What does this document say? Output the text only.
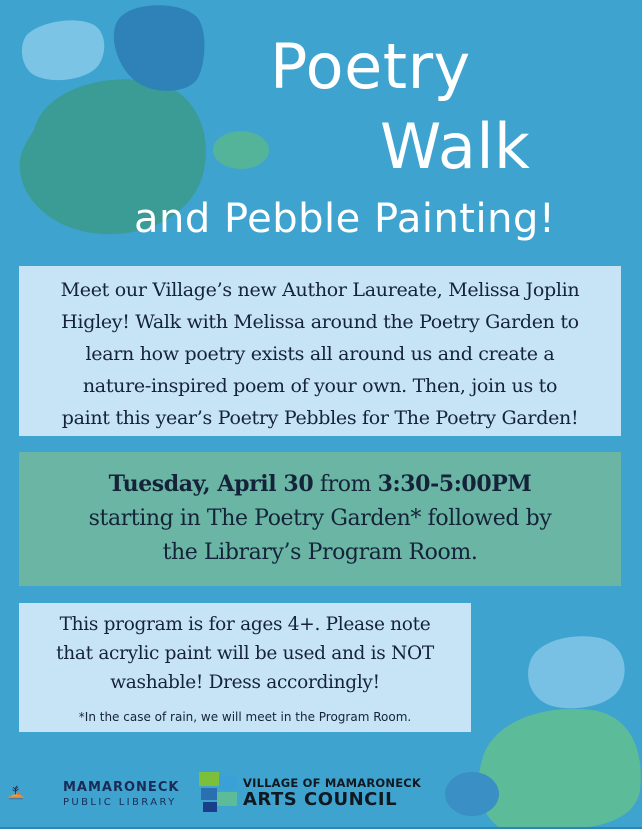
Poetry
Walk
and Pebble Painting!
Meet our Village’s new Author Laureate, Melissa Joplin
Higley! Walk with Melissa around the Poetry Garden to
learn how poetry exists all around us and create a
nature-inspired poem of your own. Then, join us to
paint this year’s Poetry Pebbles for The Poetry Garden!
Tuesday, April 30 from 3:30-5:00PM
starting in The Poetry Garden* followed by
the Library’s Program Room.
This program is for ages 4+. Please note
that acrylic paint will be used and is NOT
washable! Dress accordingly!
*In the case of rain, we will meet in the Program Room.
MAMARONECK
PUBLIC LIBRARY
VILLAGE OF MAMARONECK
ARTS COUNCIL
